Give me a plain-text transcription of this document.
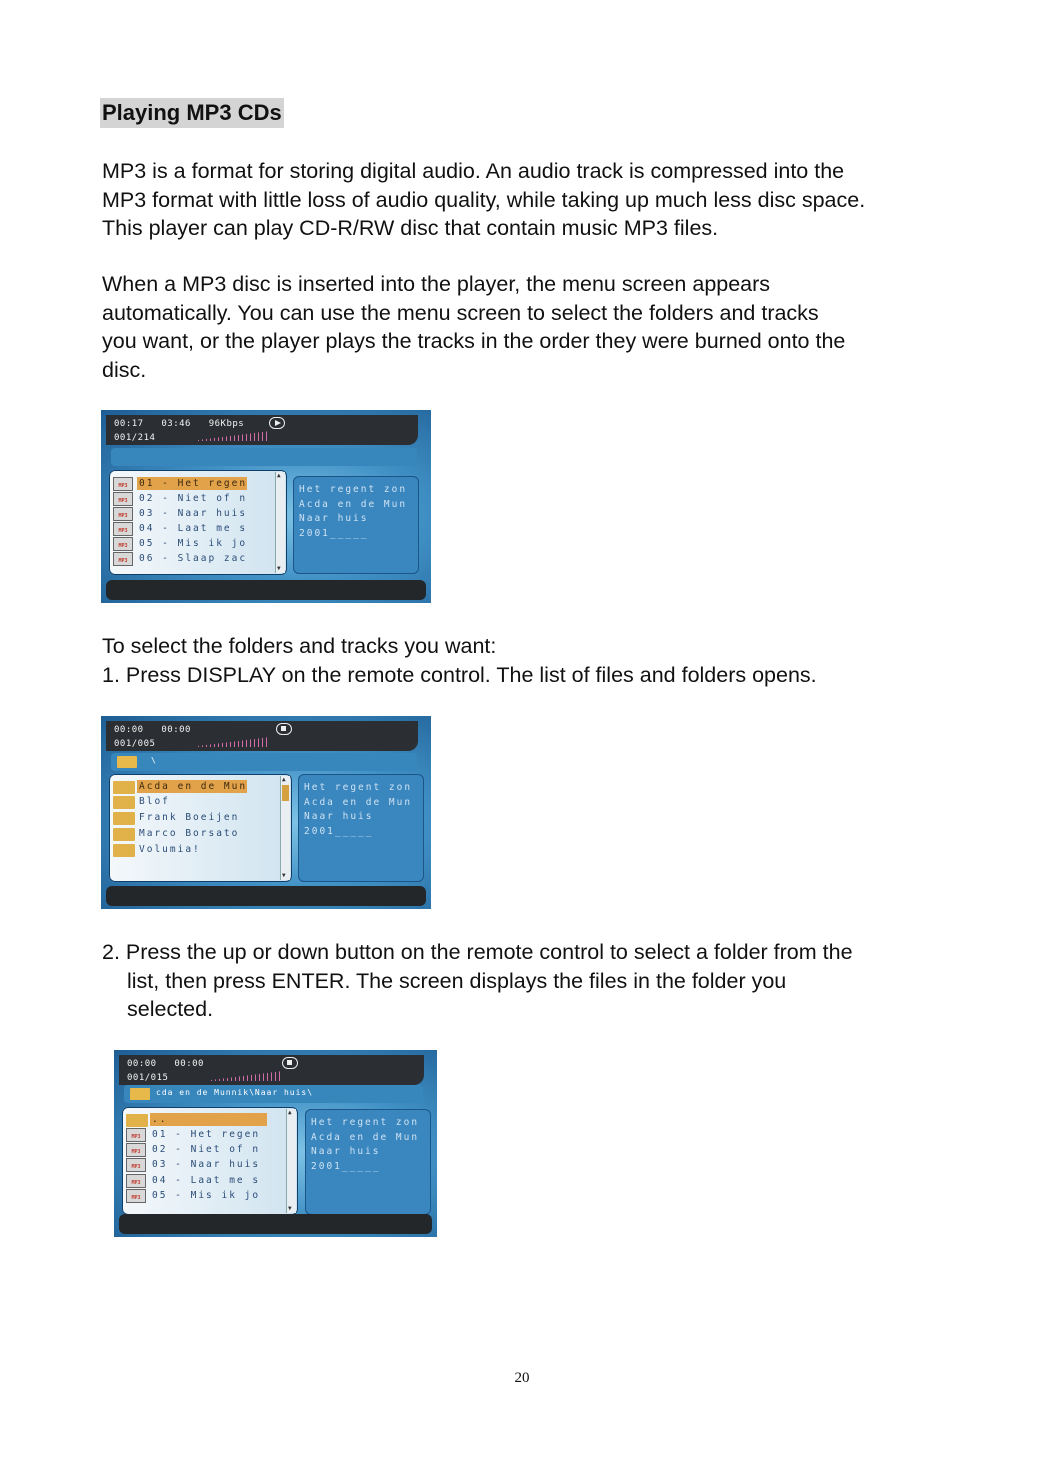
Playing MP3 CDs

MP3 is a format for storing digital audio. An audio track is compressed into the

MP3 format with little loss of audio quality, while taking up much less disc space.

This player can play CD-R/RW disc that contain music MP3 files.

When a MP3 disc is inserted into the player, the menu screen appears

automatically. You can use the menu screen to select the folders and tracks

you want, or the player plays the tracks in the order they were burned onto the

disc.

00:17 03:46 96Kbps
001/214
MP3	01 - Het regen
MP3	02 - Niet of n
MP3	03 - Naar huis
MP3	04 - Laat me s
MP3	05 - Mis ik jo
MP3	06 - Slaap zac
▲
▼
Het regent zon
Acda en de Mun
Naar huis
2001_____

To select the folders and tracks you want:

1. Press DISPLAY on the remote control. The list of files and folders opens.

00:00 00:00
001/005
\
Acda en de Mun
Blof
Frank Boeijen
Marco Borsato
Volumia!
▲
▼
Het regent zon
Acda en de Mun
Naar huis
2001_____

2. Press the up or down button on the remote control to select a folder from the

list, then press ENTER. The screen displays the files in the folder you

selected.

00:00 00:00
001/015
cda en de Munnik\Naar huis\
..
MP3	01 - Het regen
MP3	02 - Niet of n
MP3	03 - Naar huis
MP3	04 - Laat me s
MP3	05 - Mis ik jo
▲
▼
Het regent zon
Acda en de Mun
Naar huis
2001_____
20
